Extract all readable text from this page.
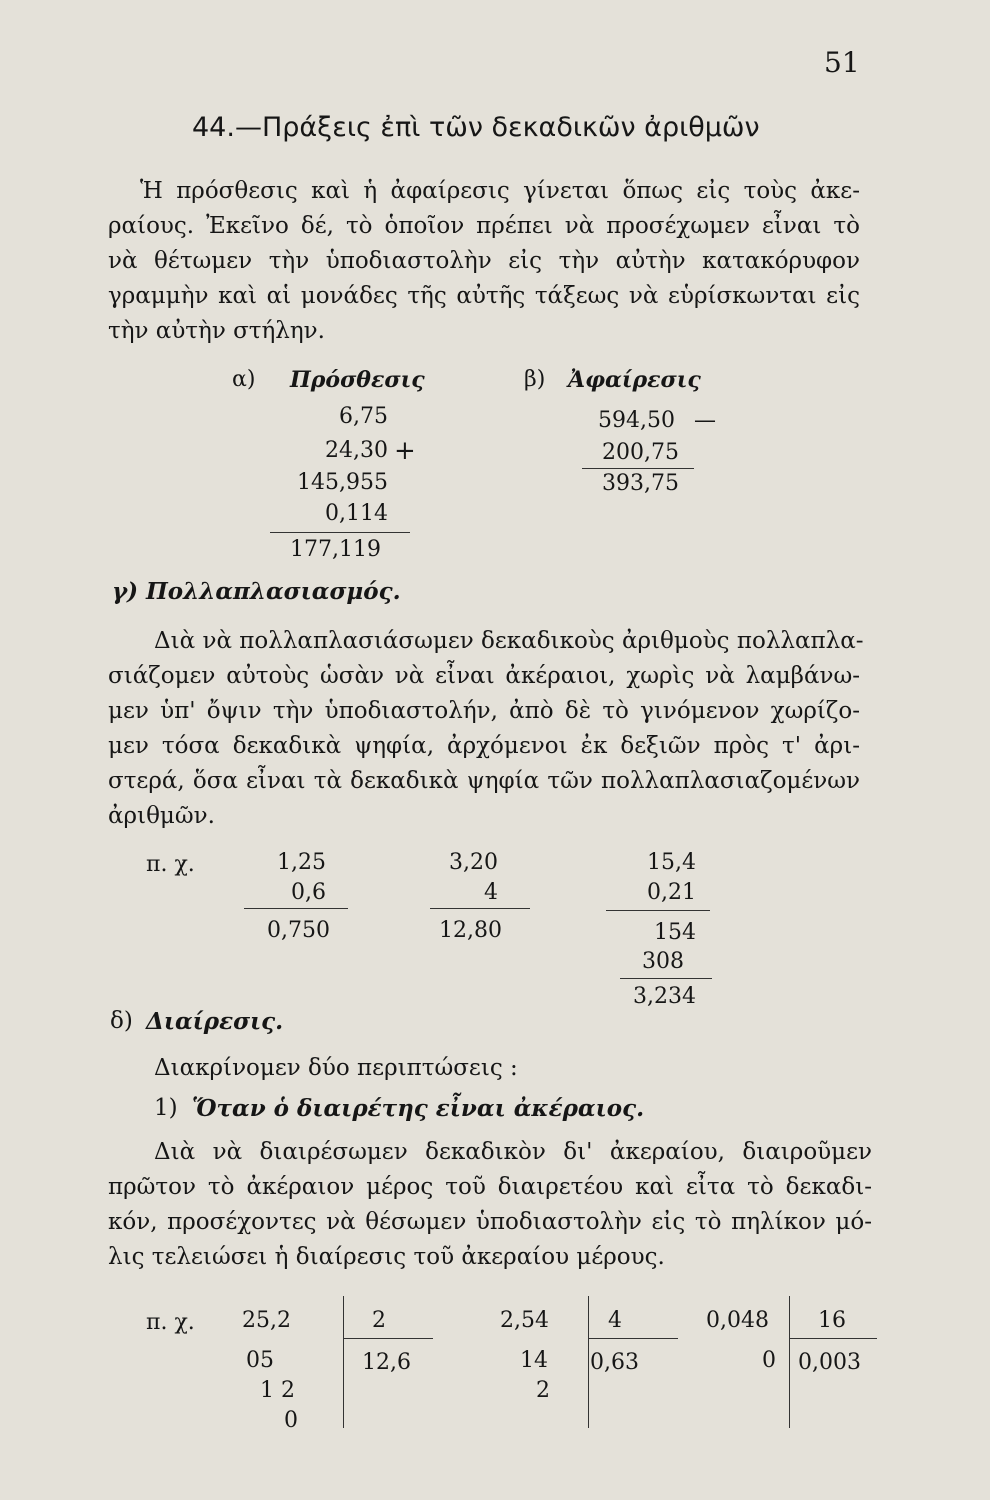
51
44.—Πράξεις ἐπὶ τῶν δεκαδικῶν ἀριθμῶν
Ἡ πρόσθεσις καὶ ἡ ἀφαίρεσις γίνεται ὅπως εἰς τοὺς ἀκε-
ραίους. Ἐκεῖνο δέ, τὸ ὁποῖον πρέπει νὰ προσέχωμεν εἶναι τὸ
νὰ θέτωμεν τὴν ὑποδιαστολὴν εἰς τὴν αὐτὴν κατακόρυφον
γραμμὴν καὶ αἱ μονάδες τῆς αὐτῆς τάξεως νὰ εὑρίσκωνται εἰς
τὴν αὐτὴν στήλην.
α) Πρόσθεσις
6,75
24,30 +
145,955
0,114
177,119
β) Ἀφαίρεσις
594,50 —
200,75
393,75
γ) Πολλαπλασιασμός.
Διὰ νὰ πολλαπλασιάσωμεν δεκαδικοὺς ἀριθμοὺς πολλαπλα-
σιάζομεν αὐτοὺς ὡσὰν νὰ εἶναι ἀκέραιοι, χωρὶς νὰ λαμβάνω-
μεν ὑπ' ὄψιν τὴν ὑποδιαστολήν, ἀπὸ δὲ τὸ γινόμενον χωρίζο-
μεν τόσα δεκαδικὰ ψηφία, ἀρχόμενοι ἐκ δεξιῶν πρὸς τ' ἀρι-
στερά, ὅσα εἶναι τὰ δεκαδικὰ ψηφία τῶν πολλαπλασιαζομένων
ἀριθμῶν.
π. χ.	1,25
0,6
0,750
3,20
4
12,80
15,4
0,21
154
308
3,234
δ) Διαίρεσις.
Διακρίνομεν δύο περιπτώσεις :
1) Ὅταν ὁ διαιρέτης εἶναι ἀκέραιος.
Διὰ νὰ διαιρέσωμεν δεκαδικὸν δι' ἀκεραίου, διαιροῦμεν
πρῶτον τὸ ἀκέραιον μέρος τοῦ διαιρετέου καὶ εἶτα τὸ δεκαδι-
κόν, προσέχοντες νὰ θέσωμεν ὑποδιαστολὴν εἰς τὸ πηλίκον μό-
λις τελειώσει ἡ διαίρεσις τοῦ ἀκεραίου μέρους.
π. χ. 25,2
05
1 2
0
2
12,6
2,54
14
2
4
0,63
0,048
0
16
0,003
